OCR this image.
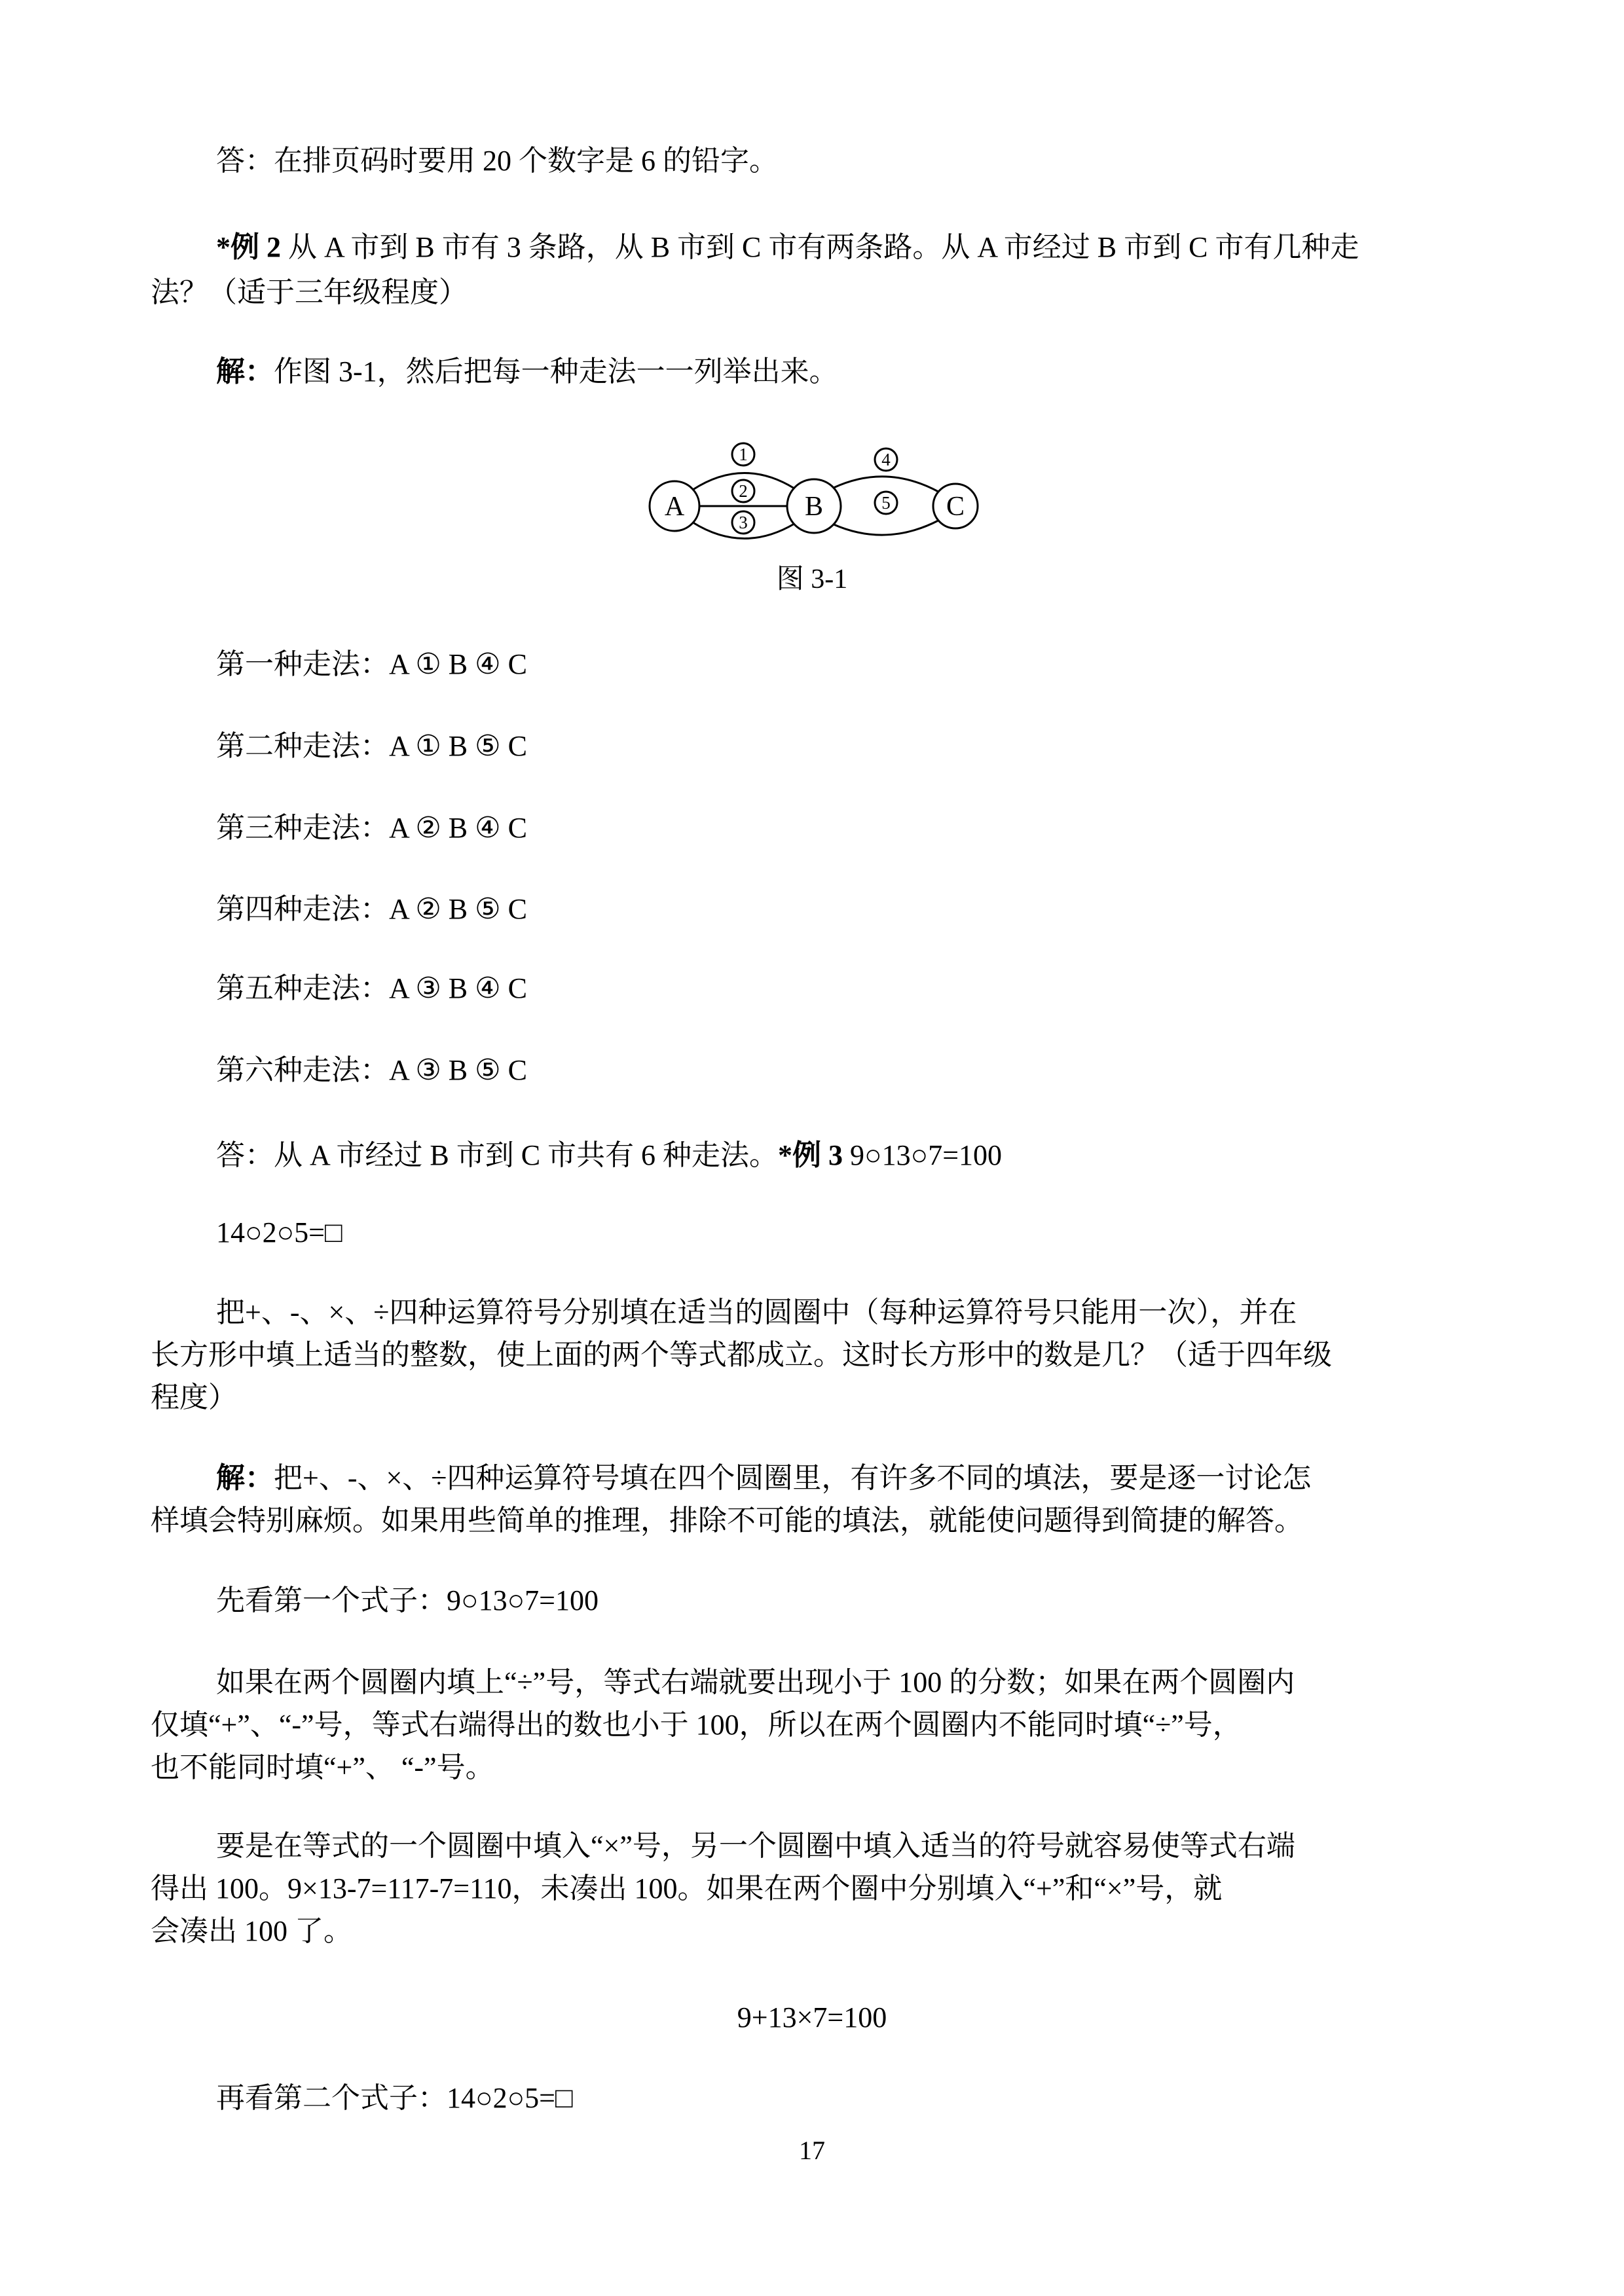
答：在排页码时要用 20 个数字是 6 的铅字。
*例 2 从 A 市到 B 市有 3 条路，从 B 市到 C 市有两条路。从 A 市经过 B 市到 C 市有几种走
法？（适于三年级程度）
解：作图 3-1，然后把每一种走法一一列举出来。
A	B	C
1
2
3
4
5
图 3-1
第一种走法：A ① B ④ C
第二种走法：A ① B ⑤ C
第三种走法：A ② B ④ C
第四种走法：A ② B ⑤ C
第五种走法：A ③ B ④ C
第六种走法：A ③ B ⑤ C
答：从 A 市经过 B 市到 C 市共有 6 种走法。*例 3 9○13○7=100
14○2○5=□
把+、-、×、÷四种运算符号分别填在适当的圆圈中（每种运算符号只能用一次），并在
长方形中填上适当的整数，使上面的两个等式都成立。这时长方形中的数是几？（适于四年级
程度）
解：把+、-、×、÷四种运算符号填在四个圆圈里，有许多不同的填法，要是逐一讨论怎
样填会特别麻烦。如果用些简单的推理，排除不可能的填法，就能使问题得到简捷的解答。
先看第一个式子：9○13○7=100
如果在两个圆圈内填上“÷”号，等式右端就要出现小于 100 的分数；如果在两个圆圈内
仅填“+”、“-”号，等式右端得出的数也小于 100，所以在两个圆圈内不能同时填“÷”号，
也不能同时填“+”、 “-”号。
要是在等式的一个圆圈中填入“×”号，另一个圆圈中填入适当的符号就容易使等式右端
得出 100。9×13-7=117-7=110，未凑出 100。如果在两个圈中分别填入“+”和“×”号，就
会凑出 100 了。
9+13×7=100
再看第二个式子：14○2○5=□
17
